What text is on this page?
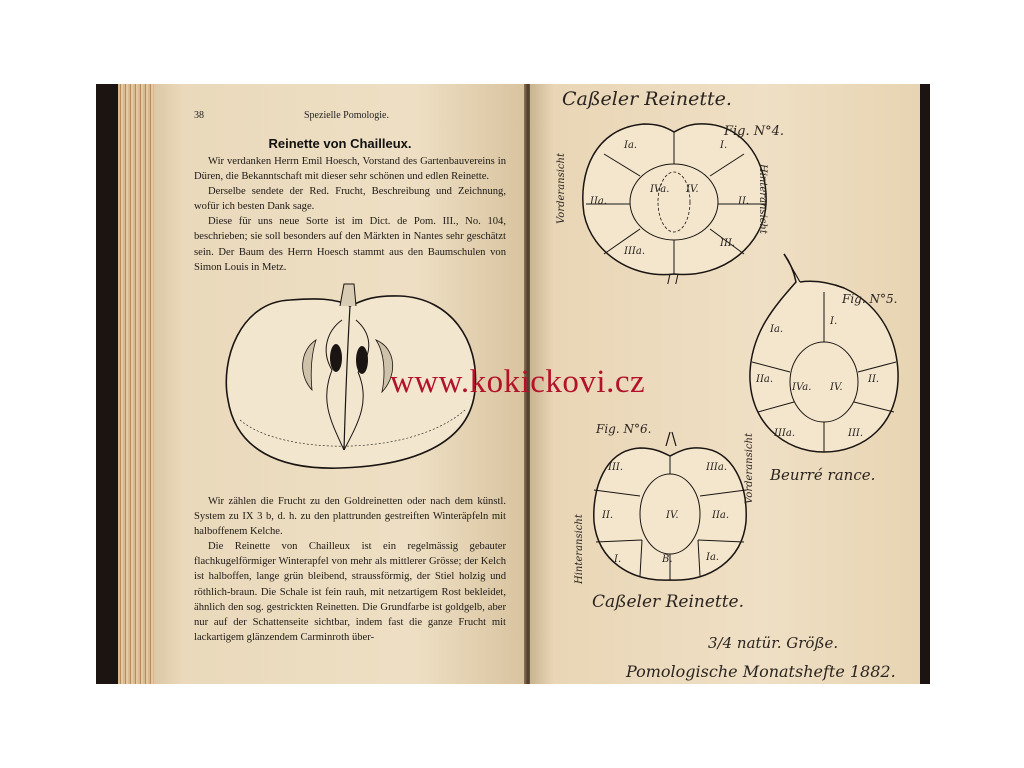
38	Spezielle Pomologie.
Reinette von Chailleux.

Wir verdanken Herrn Emil Hoesch, Vorstand des Gartenbauvereins in Düren, die Bekanntschaft mit dieser sehr schönen und edlen Reinette.

Derselbe sendete der Red. Frucht, Beschreibung und Zeichnung, wofür ich besten Dank sage.

Diese für uns neue Sorte ist im Dict. de Pom. III., No. 104, beschrieben; sie soll besonders auf den Märkten in Nantes sehr geschätzt sein. Der Baum des Herrn Hoesch stammt aus den Baumschulen von Simon Louis in Metz.

Wir zählen die Frucht zu den Goldreinetten oder nach dem künstl. System zu IX 3 b, d. h. zu den plattrunden gestreiften Winteräpfeln mit halboffenem Kelche.

Die Reinette von Chailleux ist ein regelmässig gebauter flachkugelförmiger Winterapfel von mehr als mittlerer Grösse; der Kelch ist halboffen, lange grün bleibend, straussförmig, der Stiel holzig und röthlich-braun. Die Schale ist fein rauh, mit netzartigem Rost bekleidet, ähnlich den sog. gestrickten Reinetten. Die Grundfarbe ist goldgelb, aber nur auf der Schattenseite sichtbar, indem fast die ganze Frucht mit lackartigem glänzendem Carminroth über-

Caßeler Reinette.
Ia.	I.
IIa.
IVa. IV.
II.
IIIa.
III.
Fig. N°4.
Vorderansicht	Hinteransicht
Fig. N°5.
Ia.
I.
IIa.
IVa. IV.
II.
IIIa.	III.
Beurré rance.
Fig. N°6.
III.	IIIa.
II.	IV.	IIa.
I.	B.	Ia.
Hinteransicht
Vorderansicht
Caßeler Reinette.
3/4 natür. Größe.
Pomologische Monatshefte 1882.
www.kokickovi.cz
